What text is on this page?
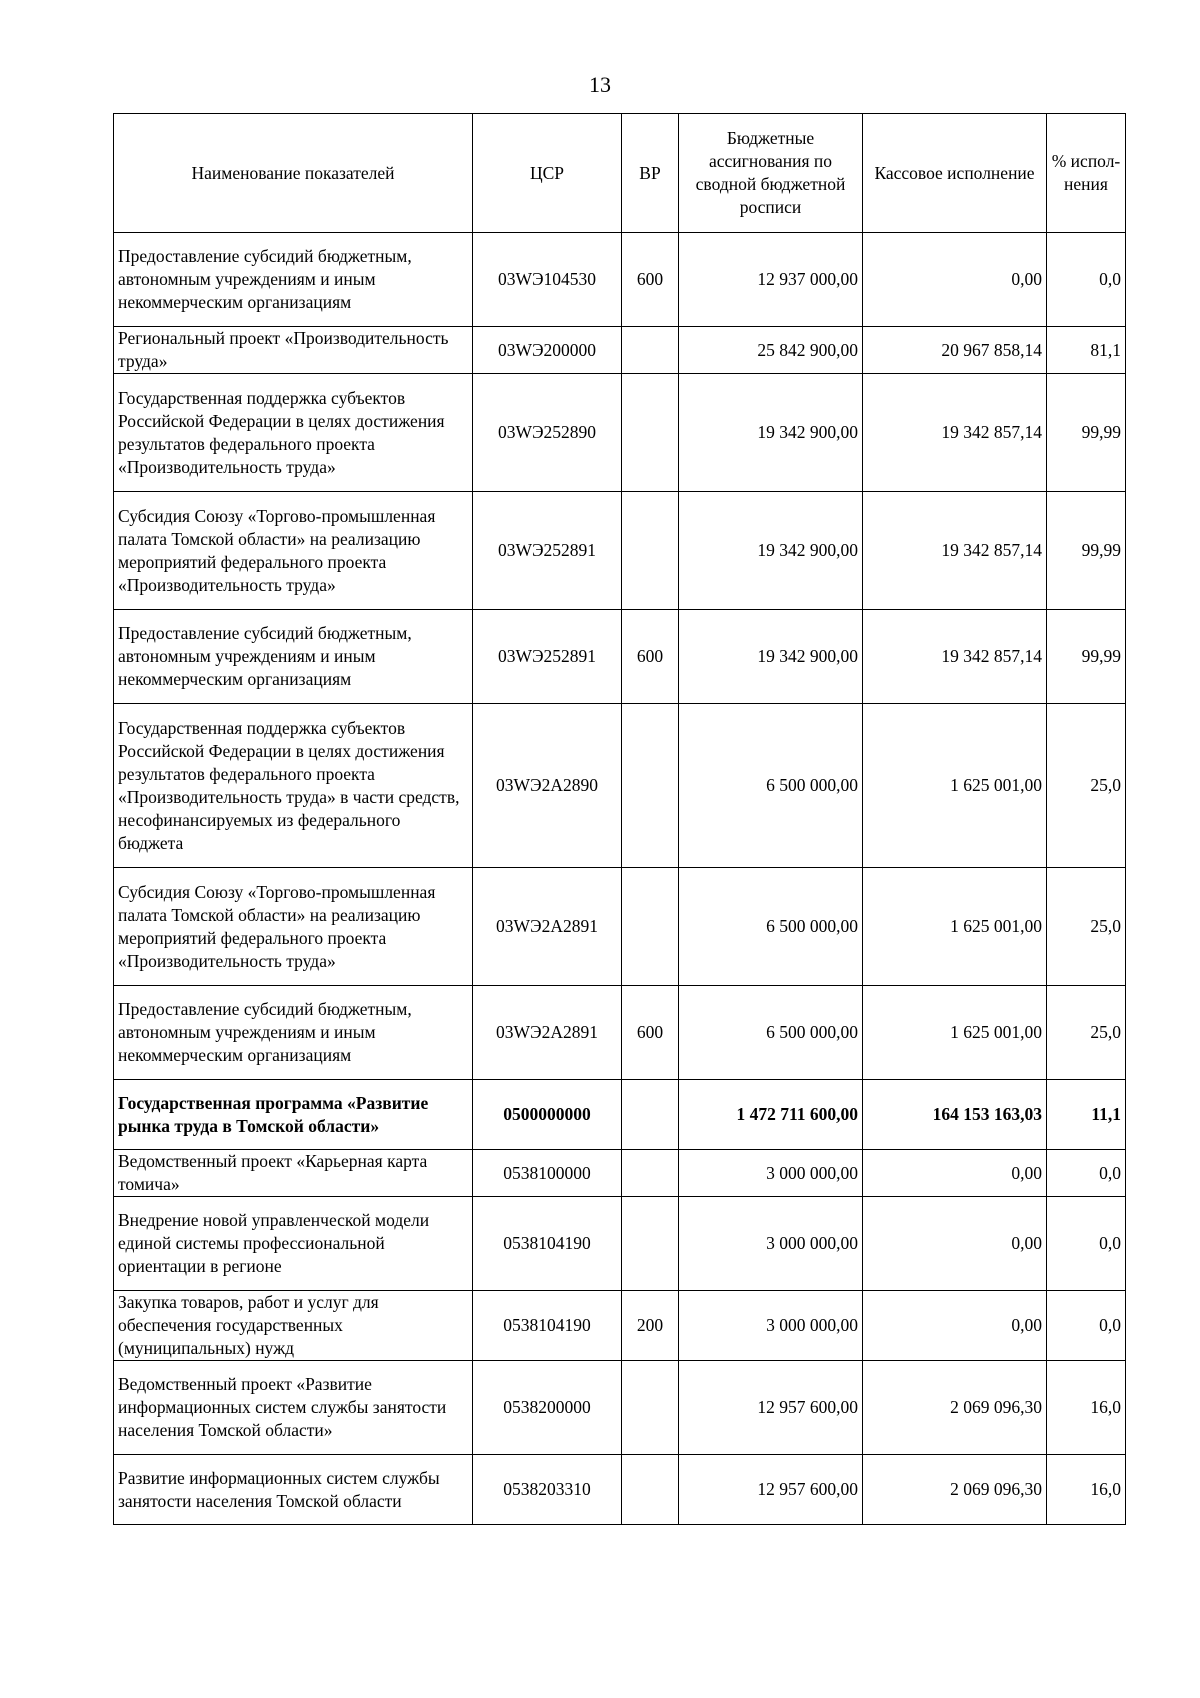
13
Наименование показателей	ЦСР	ВР	Бюджетные ассигнования по сводной бюджетной росписи	Кассовое исполнение	% испол- нения
Предоставление субсидий бюджетным, автономным учреждениям и иным некоммерческим организациям	03WЭ104530	600	12 937 000,00	0,00	0,0
Региональный проект «Производительность труда»	03WЭ200000		25 842 900,00	20 967 858,14	81,1
Государственная поддержка субъектов Российской Федерации в целях достижения результатов федерального проекта «Производительность труда»	03WЭ252890		19 342 900,00	19 342 857,14	99,99
Субсидия Союзу «Торгово-промышленная палата Томской области» на реализацию мероприятий федерального проекта «Производительность труда»	03WЭ252891		19 342 900,00	19 342 857,14	99,99
Предоставление субсидий бюджетным, автономным учреждениям и иным некоммерческим организациям	03WЭ252891	600	19 342 900,00	19 342 857,14	99,99
Государственная поддержка субъектов Российской Федерации в целях достижения результатов федерального проекта «Производительность труда» в части средств, несофинансируемых из федерального бюджета	03WЭ2А2890		6 500 000,00	1 625 001,00	25,0
Субсидия Союзу «Торгово-промышленная палата Томской области» на реализацию мероприятий федерального проекта «Производительность труда»	03WЭ2А2891		6 500 000,00	1 625 001,00	25,0
Предоставление субсидий бюджетным, автономным учреждениям и иным некоммерческим организациям	03WЭ2А2891	600	6 500 000,00	1 625 001,00	25,0
Государственная программа «Развитие рынка труда в Томской области»	0500000000		1 472 711 600,00	164 153 163,03	11,1
Ведомственный проект «Карьерная карта томича»	0538100000		3 000 000,00	0,00	0,0
Внедрение новой управленческой модели единой системы профессиональной ориентации в регионе	0538104190		3 000 000,00	0,00	0,0
Закупка товаров, работ и услуг для обеспечения государственных (муниципальных) нужд	0538104190	200	3 000 000,00	0,00	0,0
Ведомственный проект «Развитие информационных систем службы занятости населения Томской области»	0538200000		12 957 600,00	2 069 096,30	16,0
Развитие информационных систем службы занятости населения Томской области	0538203310		12 957 600,00	2 069 096,30	16,0
